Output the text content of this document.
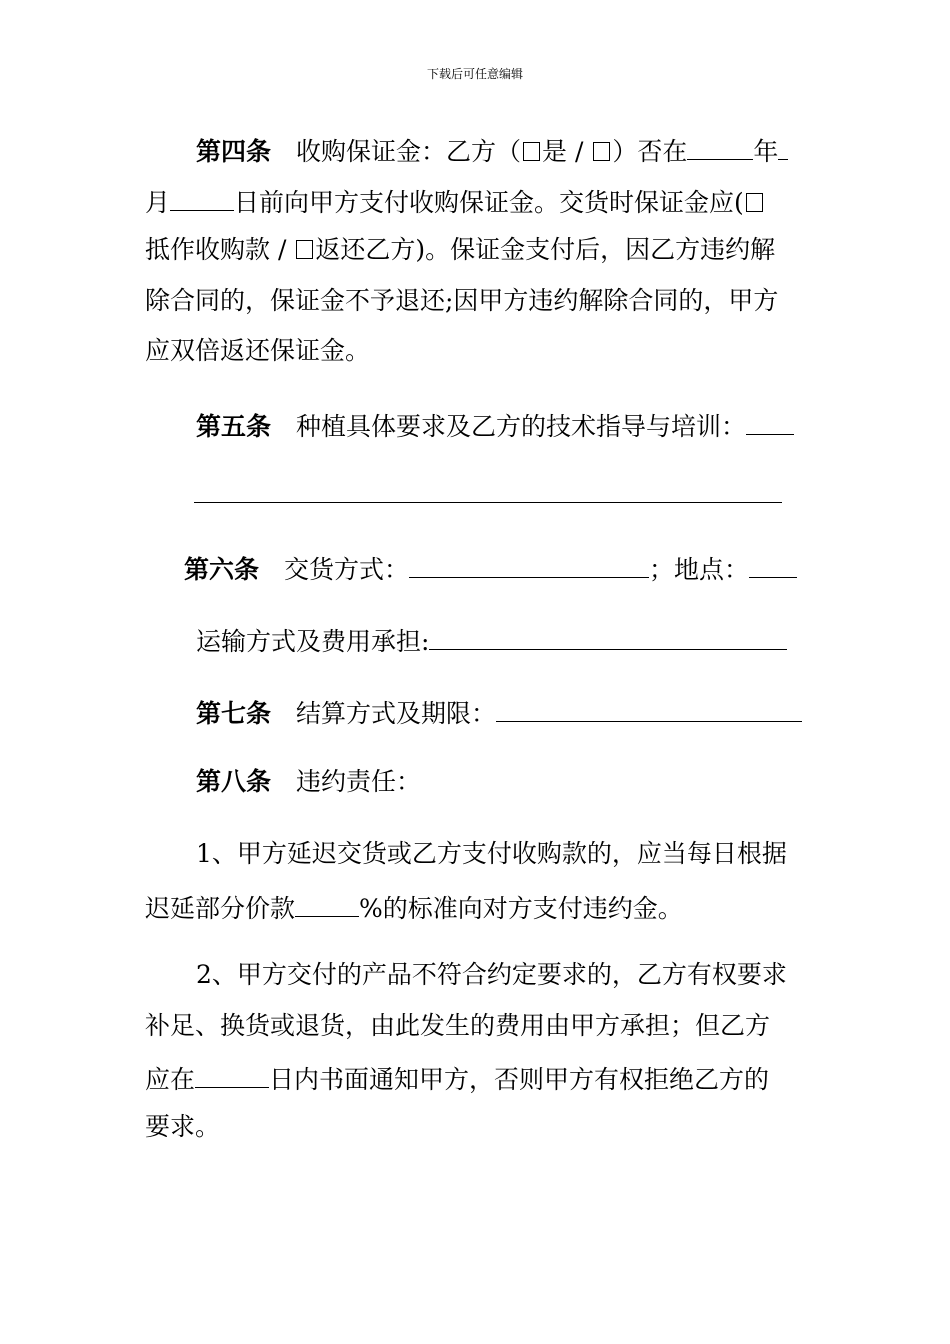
下载后可任意编辑
第四条  收购保证金：乙方（ 是 / ）否在	年
月	日前向甲方支付收购保证金。交货时保证金应(
抵作收购款 / 返还乙方)。保证金支付后，因乙方违约解
除合同的，保证金不予退还;因甲方违约解除合同的，甲方
应双倍返还保证金。
第五条  种植具体要求及乙方的技术指导与培训：
第六条  交货方式：	；地点：
运输方式及费用承担:
第七条  结算方式及期限：
第八条  违约责任：
1、甲方延迟交货或乙方支付收购款的，应当每日根据
迟延部分价款	%的标准向对方支付违约金。
2、甲方交付的产品不符合约定要求的，乙方有权要求
补足、换货或退货，由此发生的费用由甲方承担；但乙方
应在	日内书面通知甲方，否则甲方有权拒绝乙方的
要求。
